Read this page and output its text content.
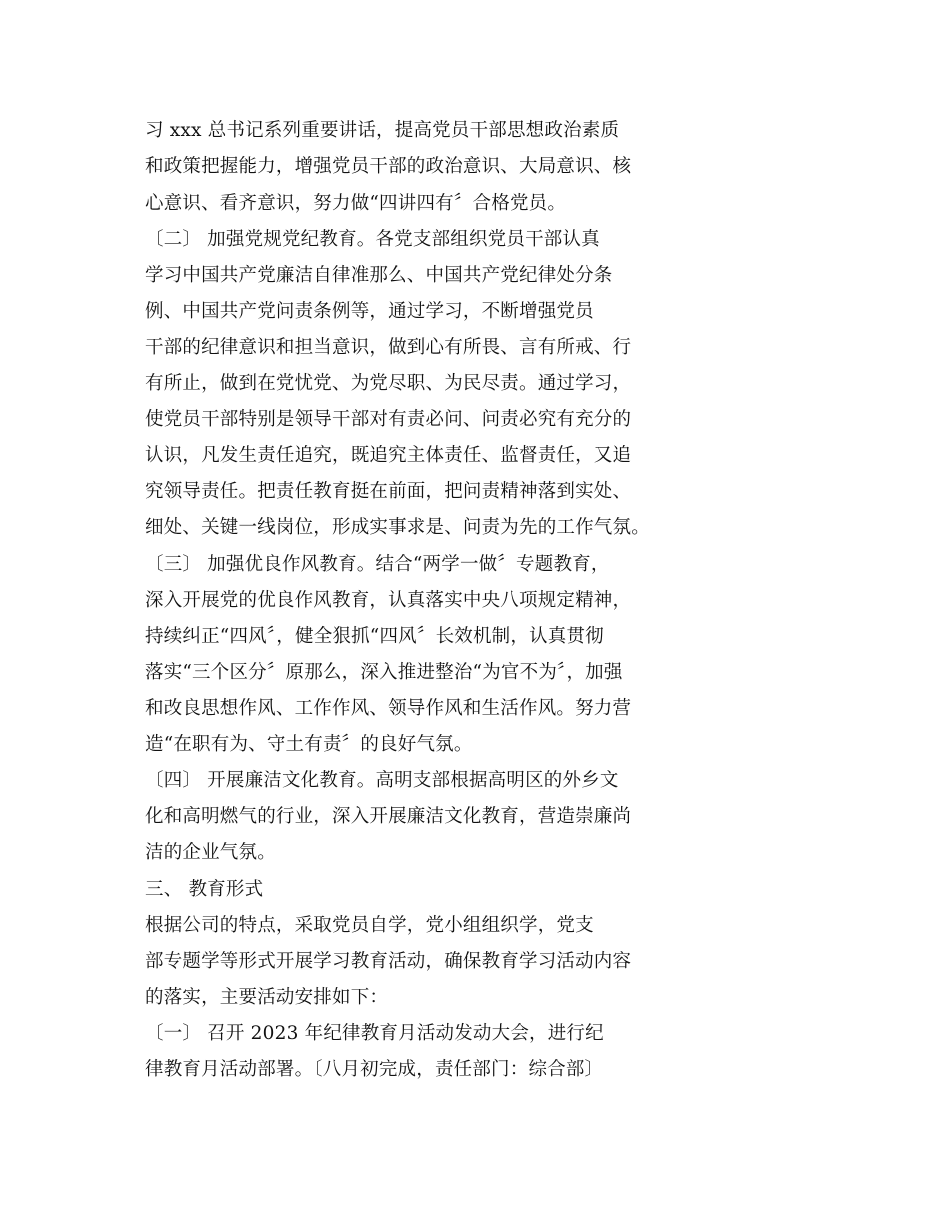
习 xxx 总书记系列重要讲话，提高党员干部思想政治素质
和政策把握能力，增强党员干部的政治意识、大局意识、核
心意识、看齐意识，努力做“四讲四有〞合格党员。
〔二〕 加强党规党纪教育。各党支部组织党员干部认真
学习中国共产党廉洁自律准那么、中国共产党纪律处分条
例、中国共产党问责条例等，通过学习，不断增强党员
干部的纪律意识和担当意识，做到心有所畏、言有所戒、行
有所止，做到在党忧党、为党尽职、为民尽责。通过学习，
使党员干部特别是领导干部对有责必问、问责必究有充分的
认识，凡发生责任追究，既追究主体责任、监督责任，又追
究领导责任。把责任教育挺在前面，把问责精神落到实处、
细处、关键一线岗位，形成实事求是、问责为先的工作气氛。
〔三〕 加强优良作风教育。结合“两学一做〞专题教育，
深入开展党的优良作风教育，认真落实中央八项规定精神，
持续纠正“四风〞，健全狠抓“四风〞长效机制，认真贯彻
落实“三个区分〞原那么，深入推进整治“为官不为〞，加强
和改良思想作风、工作作风、领导作风和生活作风。努力营
造“在职有为、守土有责〞的良好气氛。
〔四〕 开展廉洁文化教育。高明支部根据高明区的外乡文
化和高明燃气的行业，深入开展廉洁文化教育，营造崇廉尚
洁的企业气氛。
三、 教育形式
根据公司的特点，采取党员自学，党小组组织学，党支
部专题学等形式开展学习教育活动，确保教育学习活动内容
的落实，主要活动安排如下：
〔一〕 召开 2023 年纪律教育月活动发动大会，进行纪
律教育月活动部署。〔八月初完成，责任部门：综合部〕
